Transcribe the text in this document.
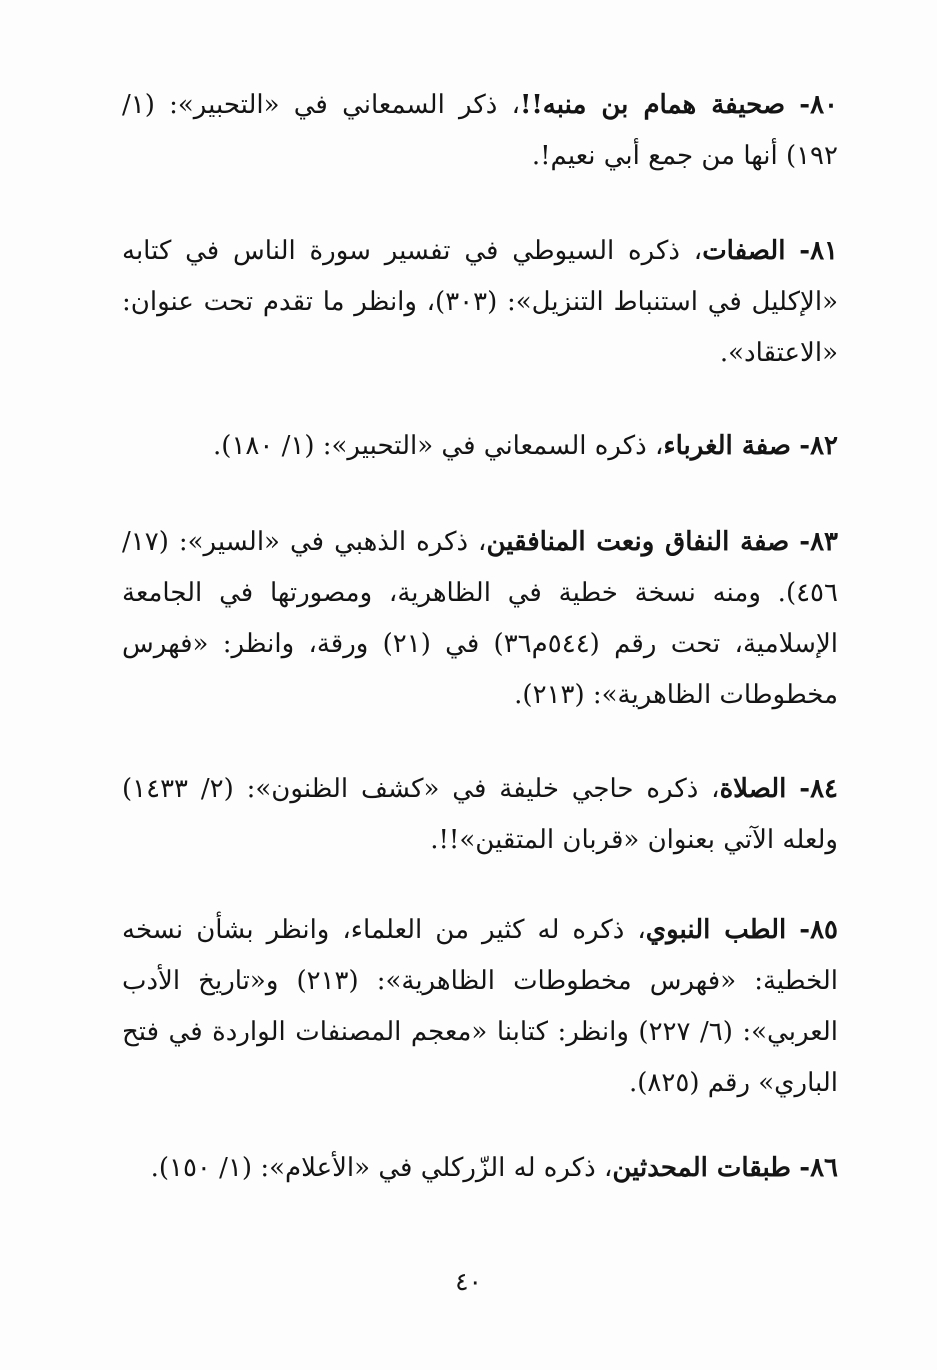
٨٠- صحيفة همام بن منبه!!، ذكر السمعاني في «التحبير»: (١/ ١٩٢) أنها من جمع أبي نعيم!.

٨١- الصفات، ذكره السيوطي في تفسير سورة الناس في كتابه «الإكليل في استنباط التنزيل»: (٣٠٣)، وانظر ما تقدم تحت عنوان: «الاعتقاد».

٨٢- صفة الغرباء، ذكره السمعاني في «التحبير»: (١/ ١٨٠).

٨٣- صفة النفاق ونعت المنافقين، ذكره الذهبي في «السير»: (١٧/ ٤٥٦). ومنه نسخة خطية في الظاهرية، ومصورتها في الجامعة الإسلامية، تحت رقم (٥٤٤م٣٦) في (٢١) ورقة، وانظر: «فهرس مخطوطات الظاهرية»: (٢١٣).

٨٤- الصلاة، ذكره حاجي خليفة في «كشف الظنون»: (٢/ ١٤٣٣) ولعله الآتي بعنوان «قربان المتقين»!!.

٨٥- الطب النبوي، ذكره له كثير من العلماء، وانظر بشأن نسخه الخطية: «فهرس مخطوطات الظاهرية»: (٢١٣) و«تاريخ الأدب العربي»: (٦/ ٢٢٧) وانظر: كتابنا «معجم المصنفات الواردة في فتح الباري» رقم (٨٢٥).

٨٦- طبقات المحدثين، ذكره له الزّركلي في «الأعلام»: (١/ ١٥٠).

٤٠
